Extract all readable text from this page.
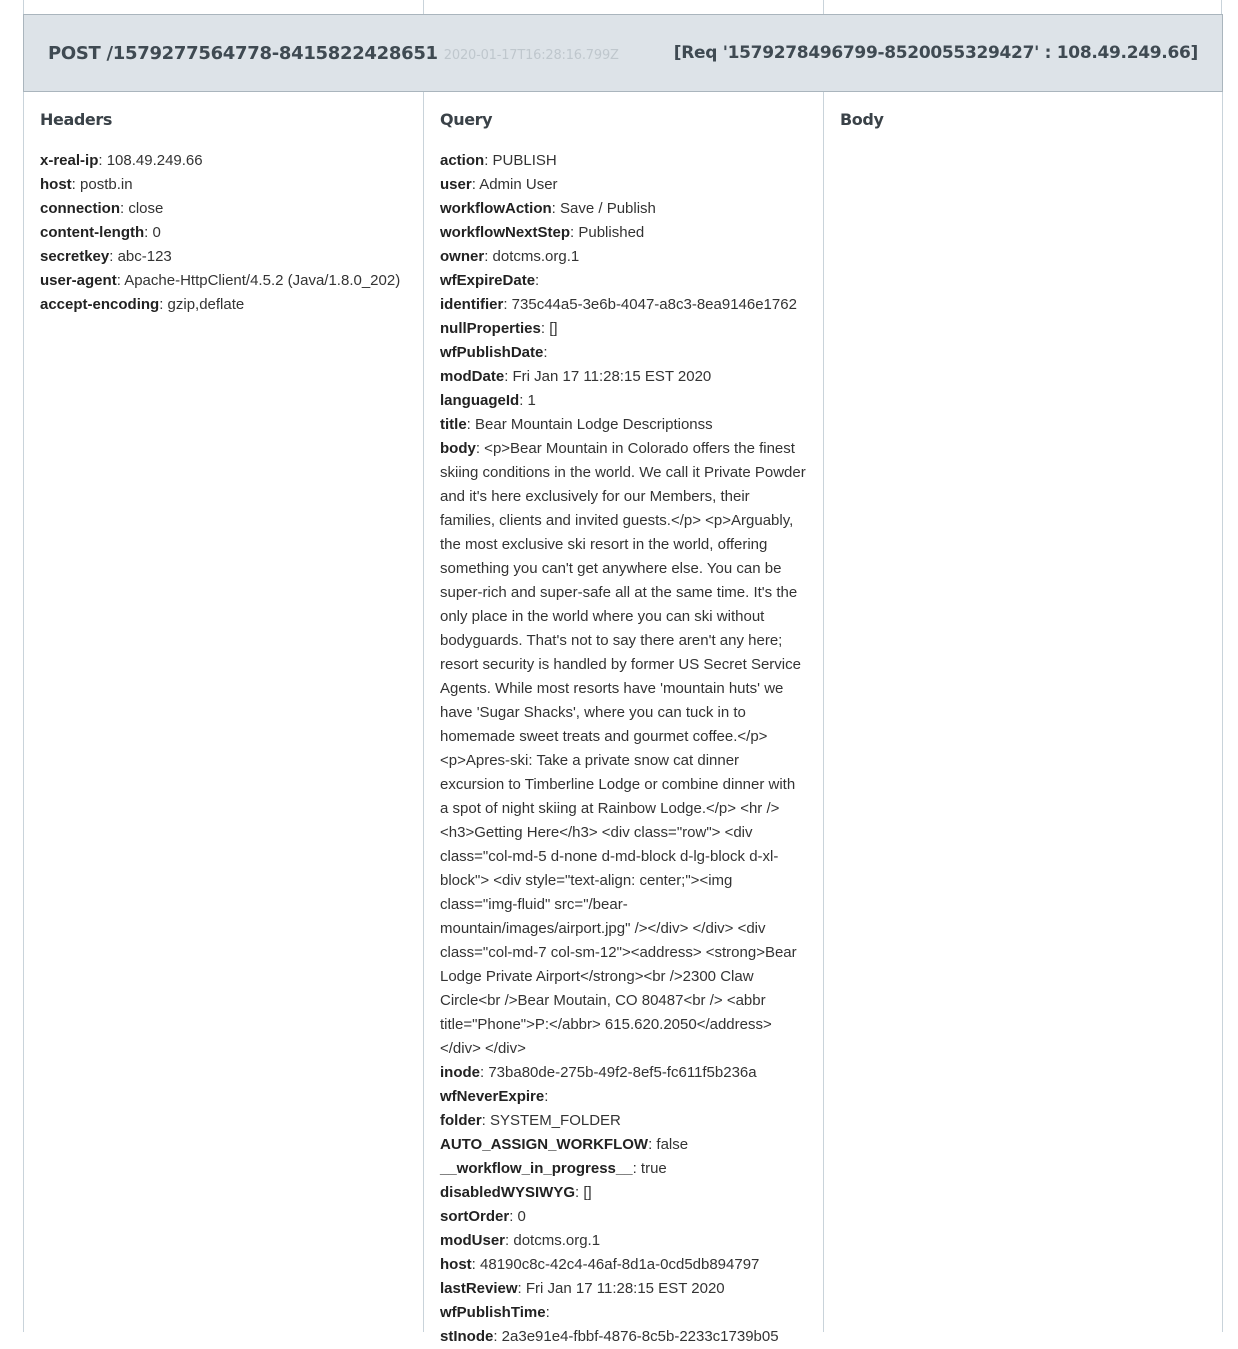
POST /1579277564778-8415822428651 2020-01-17T16:28:16.799Z	[Req '1579278496799-8520055329427' : 108.49.249.66]
Headers
x-real-ip: 108.49.249.66
host: postb.in
connection: close
content-length: 0
secretkey: abc-123
user-agent: Apache-HttpClient/4.5.2 (Java/1.8.0_202)
accept-encoding: gzip,deflate
Query
action: PUBLISH
user: Admin User
workflowAction: Save / Publish
workflowNextStep: Published
owner: dotcms.org.1
wfExpireDate:
identifier: 735c44a5-3e6b-4047-a8c3-8ea9146e1762
nullProperties: []
wfPublishDate:
modDate: Fri Jan 17 11:28:15 EST 2020
languageId: 1
title: Bear Mountain Lodge Descriptionss
body: <p>Bear Mountain in Colorado offers the finest skiing conditions in the world. We call it Private Powder and it's here exclusively for our Members, their families, clients and invited guests.</p> <p>Arguably, the most exclusive ski resort in the world, offering something you can't get anywhere else. You can be super-rich and super-safe all at the same time. It's the only place in the world where you can ski without bodyguards. That's not to say there aren't any here; resort security is handled by former US Secret Service Agents. While most resorts have 'mountain huts' we have 'Sugar Shacks', where you can tuck in to homemade sweet treats and gourmet coffee.</p> <p>Apres-ski: Take a private snow cat dinner excursion to Timberline Lodge or combine dinner with a spot of night skiing at Rainbow Lodge.</p> <hr /> <h3>Getting Here</h3> <div class="row"> <div class="col-md-5 d-none d-md-block d-lg-block d-xl-block"> <div style="text-align: center;"><img class="img-fluid" src="/bear-mountain/images/airport.jpg" /></div> </div> <div class="col-md-7 col-sm-12"><address> <strong>Bear Lodge Private Airport</strong><br />2300 Claw Circle<br />Bear Moutain, CO 80487<br /> <abbr title="Phone">P:</abbr> 615.620.2050</address></div> </div>
inode: 73ba80de-275b-49f2-8ef5-fc611f5b236a
wfNeverExpire:
folder: SYSTEM_FOLDER
AUTO_ASSIGN_WORKFLOW: false
__workflow_in_progress__: true
disabledWYSIWYG: []
sortOrder: 0
modUser: dotcms.org.1
host: 48190c8c-42c4-46af-8d1a-0cd5db894797
lastReview: Fri Jan 17 11:28:15 EST 2020
wfPublishTime:
stInode: 2a3e91e4-fbbf-4876-8c5b-2233c1739b05
Body
